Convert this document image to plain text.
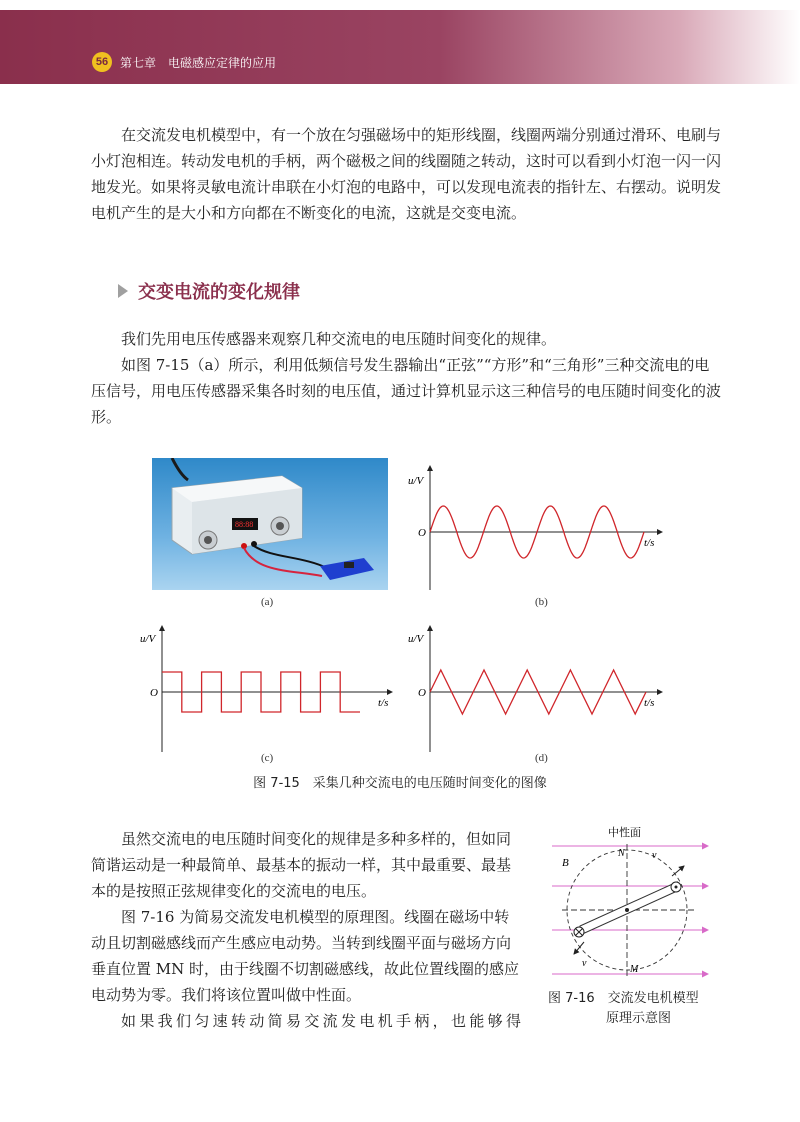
56 第七章　电磁感应定律的应用

在交流发电机模型中，有一个放在匀强磁场中的矩形线圈，线圈两端分别通过滑环、电刷与小灯泡相连。转动发电机的手柄，两个磁极之间的线圈随之转动，这时可以看到小灯泡一闪一闪地发光。如果将灵敏电流计串联在小灯泡的电路中，可以发现电流表的指针左、右摆动。说明发电机产生的是大小和方向都在不断变化的电流，这就是交变电流。

交变电流的变化规律

我们先用电压传感器来观察几种交流电的电压随时间变化的规律。

如图 7-15（a）所示，利用低频信号发生器输出“正弦”“方形”和“三角形”三种交流电的电压信号，用电压传感器采集各时刻的电压值，通过计算机显示这三种信号的电压随时间变化的波形。

88:88
(a)
u/V
t/s
O
(b)
u/V
t/s
O
(c)
u/V
t/s
O
(d)
图 7-15　采集几种交流电的电压随时间变化的图像

虽然交流电的电压随时间变化的规律是多种多样的，但如同简谐运动是一种最简单、最基本的振动一样，其中最重要、最基本的是按照正弦规律变化的交流电的电压。

图 7-16 为简易交流发电机模型的原理图。线圈在磁场中转动且切割磁感线而产生感应电动势。当转到线圈平面与磁场方向垂直位置 MN 时，由于线圈不切割磁感线，故此位置线圈的感应电动势为零。我们将该位置叫做中性面。

如果我们匀速转动简易交流发电机手柄，也能够得

中性面
B
N
M
v
v
图 7-16　交流发电机模型
原理示意图
